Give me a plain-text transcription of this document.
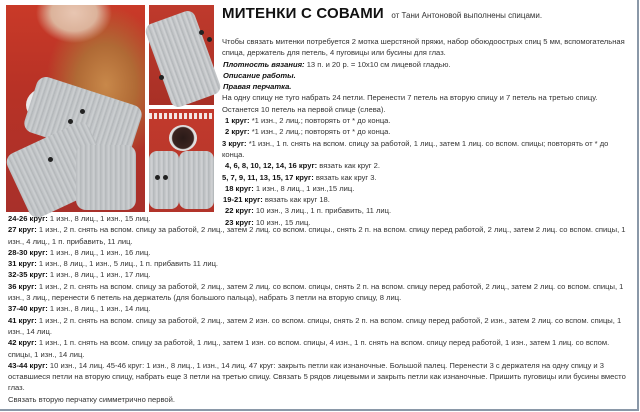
МИТЕНКИ С СОВАМИ от Тани Антоновой выполнены спицами.

Чтобы связать митенки потребуется 2 мотка шерстяной пряжи, набор обоюдоострых спиц 5 мм, вспомогательная спица, держатель для петель, 4 пуговицы или бусины для глаз.

Плотность вязания: 13 п. и 20 р. = 10х10 см лицевой гладью.

Описание работы.

Правая перчатка.

На одну спицу не туго набрать 24 петли. Перенести 7 петель на вторую спицу и 7 петель на третью спицу. Останется 10 петель на первой спице (слева).

1 круг: *1 изн., 2 лиц.; повторять от * до конца.

2 круг: *1 изн., 2 лиц.; повторять от * до конца.

3 круг: *1 изн., 1 п. снять на вспом. спицу за работой, 1 лиц., затем 1 лиц. со вспом. спицы; повторять от * до конца.

4, 6, 8, 10, 12, 14, 16 круг: вязать как круг 2.

5, 7, 9, 11, 13, 15, 17 круг: вязать как круг 3.

18 круг: 1 изн., 8 лиц., 1 изн.,15 лиц.

19-21 круг: вязать как круг 18.

22 круг: 10 изн., 3 лиц., 1 п. прибавить, 11 лиц.

23 круг: 10 изн., 15 лиц.

24-26 круг: 1 изн., 8 лиц., 1 изн., 15 лиц.

27 круг: 1 изн., 2 п. снять на вспом. спицу за работой, 2 лиц., затем 2 лиц. со вспом. спицы., снять 2 п. на вспом. спицу перед работой, 2 лиц., затем 2 лиц. со вспом. спицы, 1 изн., 4 лиц., 1 п. прибавить, 11 лиц.

28-30 круг: 1 изн., 8 лиц., 1 изн., 16 лиц.

31 круг: 1 изн., 8 лиц., 1 изн., 5 лиц., 1 п. прибавить 11 лиц.

32-35 круг: 1 изн., 8 лиц., 1 изн., 17 лиц.

36 круг: 1 изн., 2 п. снять на вспом. спицу за работой, 2 лиц., затем 2 лиц. со вспом. спицы, снять 2 п. на вспом. спицу перед работой, 2 лиц., затем 2 лиц. со вспом. спицы, 1 изн., 3 лиц., перенести 6 петель на держатель (для большого пальца), набрать 3 петли на вторую спицу, 8 лиц.

37-40 круг: 1 изн., 8 лиц., 1 изн., 14 лиц.

41 круг: 1 изн., 2 п. снять на вспом. спицу за работой, 2 лиц., затем 2 изн. со вспом. спицы, снять 2 п. на вспом. спицу перед работой, 2 изн., затем 2 лиц. со вспом. спицы, 1 изн., 14 лиц.

42 круг: 1 изн., 1 п. снять на всом. спицу за работой, 1 лиц., затем 1 изн. со вспом. спицы, 4 изн., 1 п. снять на вспом. спицу перед работой, 1 изн., затем 1 лиц. со вспом. спицы, 1 изн., 14 лиц.

43-44 круг: 10 изн., 14 лиц. 45-46 круг: 1 изн., 8 лиц., 1 изн., 14 лиц. 47 круг: закрыть петли как изнаночные. Большой палец. Перенести 3 с держателя на одну спицу и 3 оставшиеся петли на вторую спицу, набрать еще 3 петли на третью спицу. Связать 5 рядов лицевыми и закрыть петли как изнаночные. Пришить пуговицы или бусины вместо глаз.

Связать вторую перчатку симметрично первой.
